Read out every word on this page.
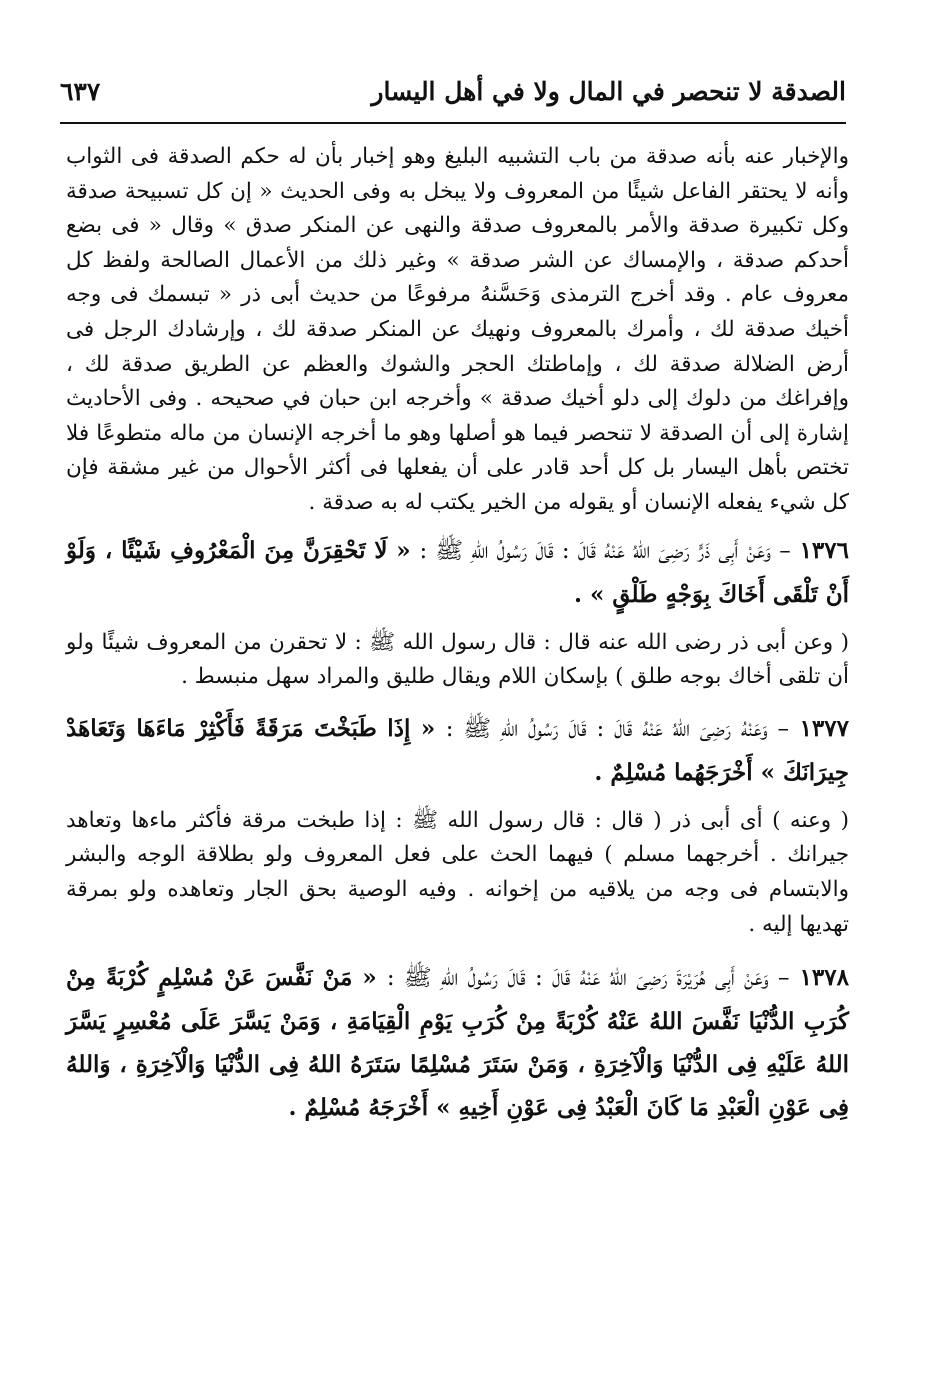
الصدقة لا تنحصر في المال ولا في أهل اليسار
٦٣٧

والإخبار عنه بأنه صدقة من باب التشبيه البليغ وهو إخبار بأن له حكم الصدقة فى الثواب وأنه لا يحتقر الفاعل شيئًا من المعروف ولا يبخل به وفى الحديث « إن كل تسبيحة صدقة وكل تكبيرة صدقة والأمر بالمعروف صدقة والنهى عن المنكر صدق » وقال « فى بضع أحدكم صدقة ، والإمساك عن الشر صدقة » وغير ذلك من الأعمال الصالحة ولفظ كل معروف عام . وقد أخرج الترمذى وَحَسَّنهُ مرفوعًا من حديث أبى ذر « تبسمك فى وجه أخيك صدقة لك ، وأمرك بالمعروف ونهيك عن المنكر صدقة لك ، وإرشادك الرجل فى أرض الضلالة صدقة لك ، وإماطتك الحجر والشوك والعظم عن الطريق صدقة لك ، وإفراغك من دلوك إلى دلو أخيك صدقة » وأخرجه ابن حبان في صحيحه . وفى الأحاديث إشارة إلى أن الصدقة لا تنحصر فيما هو أصلها وهو ما أخرجه الإنسان من ماله متطوعًا فلا تختص بأهل اليسار بل كل أحد قادر على أن يفعلها فى أكثر الأحوال من غير مشقة فإن كل شيء يفعله الإنسان أو يقوله من الخير يكتب له به صدقة .

١٣٧٦ – وَعَنْ أَبِى ذَرٍّ رَضِىَ اللهُ عَنْهُ قَالَ : قَالَ رَسُولُ اللهِ ﷺ : « لَا تَحْقِرَنَّ مِنَ الْمَعْرُوفِ شَيْئًا ، وَلَوْ أَنْ تَلْقَى أَخَاكَ بِوَجْهٍ طَلْقٍ » .

( وعن أبى ذر رضى الله عنه قال : قال رسول الله ﷺ : لا تحقرن من المعروف شيئًا ولو أن تلقى أخاك بوجه طلق ) بإسكان اللام ويقال طليق والمراد سهل منبسط .

١٣٧٧ – وَعَنْهُ رَضِىَ اللهُ عَنْهُ قَالَ : قَالَ رَسُولُ اللهِ ﷺ : « إِذَا طَبَخْتَ مَرَقَةً فَأَكْثِرْ مَاءَهَا وَتَعَاهَدْ جِيرَانَكَ » أَخْرَجَهُما مُسْلِمٌ .

( وعنه ) أى أبى ذر ( قال : قال رسول الله ﷺ : إذا طبخت مرقة فأكثر ماءها وتعاهد جيرانك . أخرجهما مسلم ) فيهما الحث على فعل المعروف ولو بطلاقة الوجه والبشر والابتسام فى وجه من يلاقيه من إخوانه . وفيه الوصية بحق الجار وتعاهده ولو بمرقة تهديها إليه .

١٣٧٨ – وَعَنْ أَبِى هُرَيْرَةَ رَضِىَ اللهُ عَنْهُ قَالَ : قَالَ رَسُولُ اللهِ ﷺ : « مَنْ نَفَّسَ عَنْ مُسْلِمٍ كُرْبَةً مِنْ كُرَبِ الدُّنْيَا نَفَّسَ اللهُ عَنْهُ كُرْبَةً مِنْ كُرَبِ يَوْمِ الْقِيَامَةِ ، وَمَنْ يَسَّرَ عَلَى مُعْسِرٍ يَسَّرَ اللهُ عَلَيْهِ فِى الدُّنْيَا وَالْآخِرَةِ ، وَمَنْ سَتَرَ مُسْلِمًا سَتَرَهُ اللهُ فِى الدُّنْيَا وَالْآخِرَةِ ، وَاللهُ فِى عَوْنِ الْعَبْدِ مَا كَانَ الْعَبْدُ فِى عَوْنِ أَخِيهِ » أَخْرَجَهُ مُسْلِمٌ .
